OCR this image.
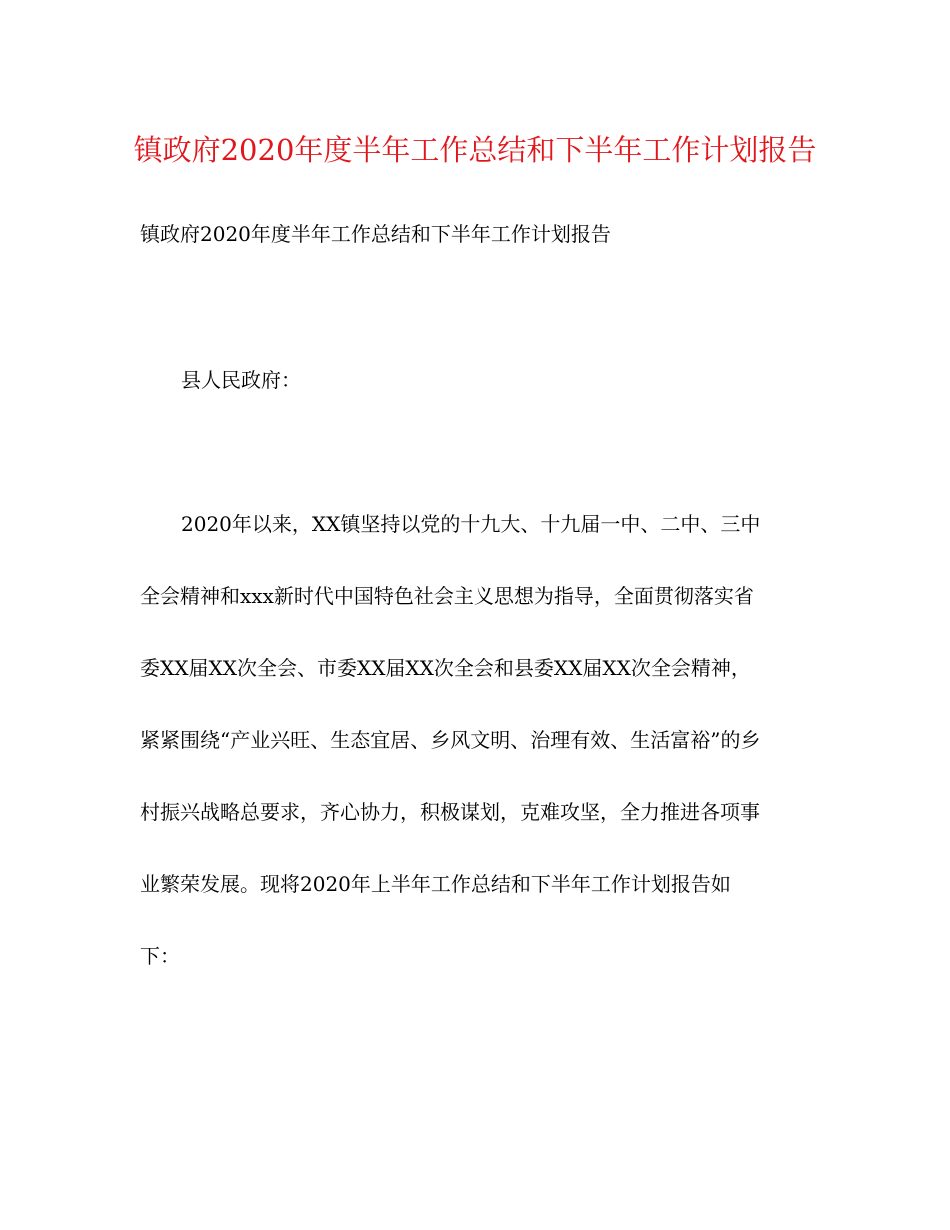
镇政府2020年度半年工作总结和下半年工作计划报告
镇政府2020年度半年工作总结和下半年工作计划报告
县人民政府：
2020年以来，XX镇坚持以党的十九大、十九届一中、二中、三中
全会精神和xxx新时代中国特色社会主义思想为指导，全面贯彻落实省
委XX届XX次全会、市委XX届XX次全会和县委XX届XX次全会精神，
紧紧围绕“产业兴旺、生态宜居、乡风文明、治理有效、生活富裕”的乡
村振兴战略总要求，齐心协力，积极谋划，克难攻坚，全力推进各项事
业繁荣发展。现将2020年上半年工作总结和下半年工作计划报告如
下：
